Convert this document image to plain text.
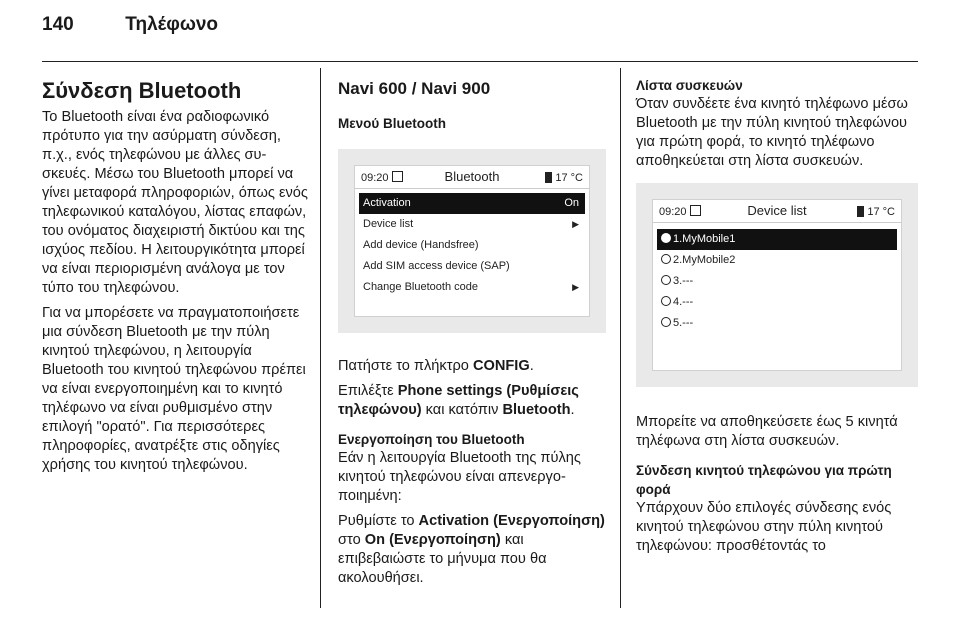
140	Τηλέφωνο
Σύνδεση Bluetooth

Το Bluetooth είναι ένα ραδιοφωνικό πρότυπο για την ασύρματη σύνδεση, π.χ., ενός τηλεφώνου με άλλες συσκευές. Μέσω του Bluetooth μπορεί να γίνει μεταφορά πληροφοριών, όπως ενός τηλεφωνικού καταλόγου, λίστας επαφών, του ονόματος διαχειριστή δικτύου και της ισχύος πεδίου. Η λειτουργικότητα μπορεί να είναι περιορισμένη ανάλογα με τον τύπο του τηλεφώνου.

Για να μπορέσετε να πραγματοποιήσετε μια σύνδεση Bluetooth με την πύλη κινητού τηλεφώνου, η λειτουργία Bluetooth του κινητού τηλεφώνου πρέπει να είναι ενεργοποιημένη και το κινητό τηλέφωνο να είναι ρυθμισμένο στην επιλογή "ορατό". Για περισσότερες πληροφορίες, ανατρέξτε στις οδηγίες χρήσης του κινητού τηλεφώνου.

Navi 600 / Navi 900
Μενού Bluetooth
09:20	Bluetooth	17 °C
Activation	On
Device list	▶
Add device (Handsfree)
Add SIM access device (SAP)
Change Bluetooth code	▶

Πατήστε το πλήκτρο CONFIG.

Επιλέξτε Phone settings (Ρυθμίσεις τηλεφώνου) και κατόπιν Bluetooth.

Ενεργοποίηση του Bluetooth

Εάν η λειτουργία Bluetooth της πύλης κινητού τηλεφώνου είναι απενεργοποιημένη:

Ρυθμίστε το Activation (Ενεργοποίηση) στο On (Ενεργοποίηση) και επιβεβαιώστε το μήνυμα που θα ακολουθήσει.

Λίστα συσκευών

Όταν συνδέετε ένα κινητό τηλέφωνο μέσω Bluetooth με την πύλη κινητού τηλεφώνου για πρώτη φορά, το κινητό τηλέφωνο αποθηκεύεται στη λίστα συσκευών.

09:20	Device list	17 °C
1.MyMobile1
2.MyMobile2
3.---
4.---
5.---

Μπορείτε να αποθηκεύσετε έως 5 κινητά τηλέφωνα στη λίστα συσκευών.

Σύνδεση κινητού τηλεφώνου για πρώτη φορά

Υπάρχουν δύο επιλογές σύνδεσης ενός κινητού τηλεφώνου στην πύλη κινητού τηλεφώνου: προσθέτοντάς το
